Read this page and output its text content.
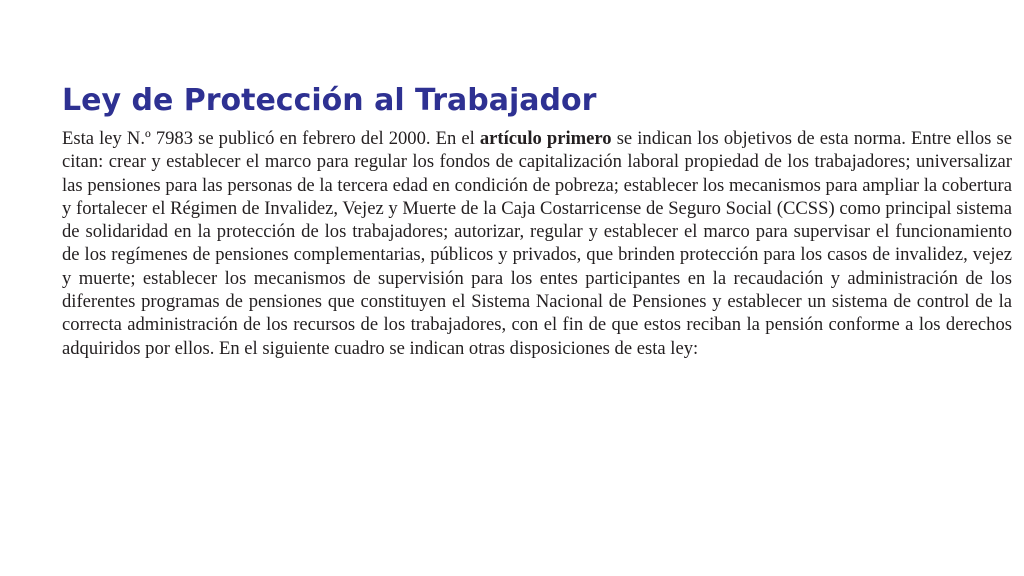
Ley de Protección al Trabajador

Esta ley N.º 7983 se publicó en febrero del 2000. En el artículo primero se indican los objetivos de esta norma. Entre ellos se citan: crear y establecer el marco para regular los fondos de capitalización laboral propiedad de los trabajadores; universalizar las pensiones para las personas de la tercera edad en condición de pobreza; establecer los mecanismos para ampliar la cobertura y fortalecer el Régimen de Invalidez, Vejez y Muerte de la Caja Costarricense de Seguro Social (CCSS) como principal sistema de solidaridad en la protección de los trabajadores; autorizar, regular y establecer el marco para supervisar el funcionamiento de los regímenes de pensiones complementarias, públicos y privados, que brinden protección para los casos de invalidez, vejez y muerte; establecer los mecanismos de supervisión para los entes participantes en la recaudación y administración de los diferentes programas de pensiones que constituyen el Sistema Nacional de Pensiones y establecer un sistema de control de la correcta administración de los recursos de los trabajadores, con el fin de que estos reciban la pensión conforme a los derechos adquiridos por ellos. En el siguiente cuadro se indican otras disposiciones de esta ley:
